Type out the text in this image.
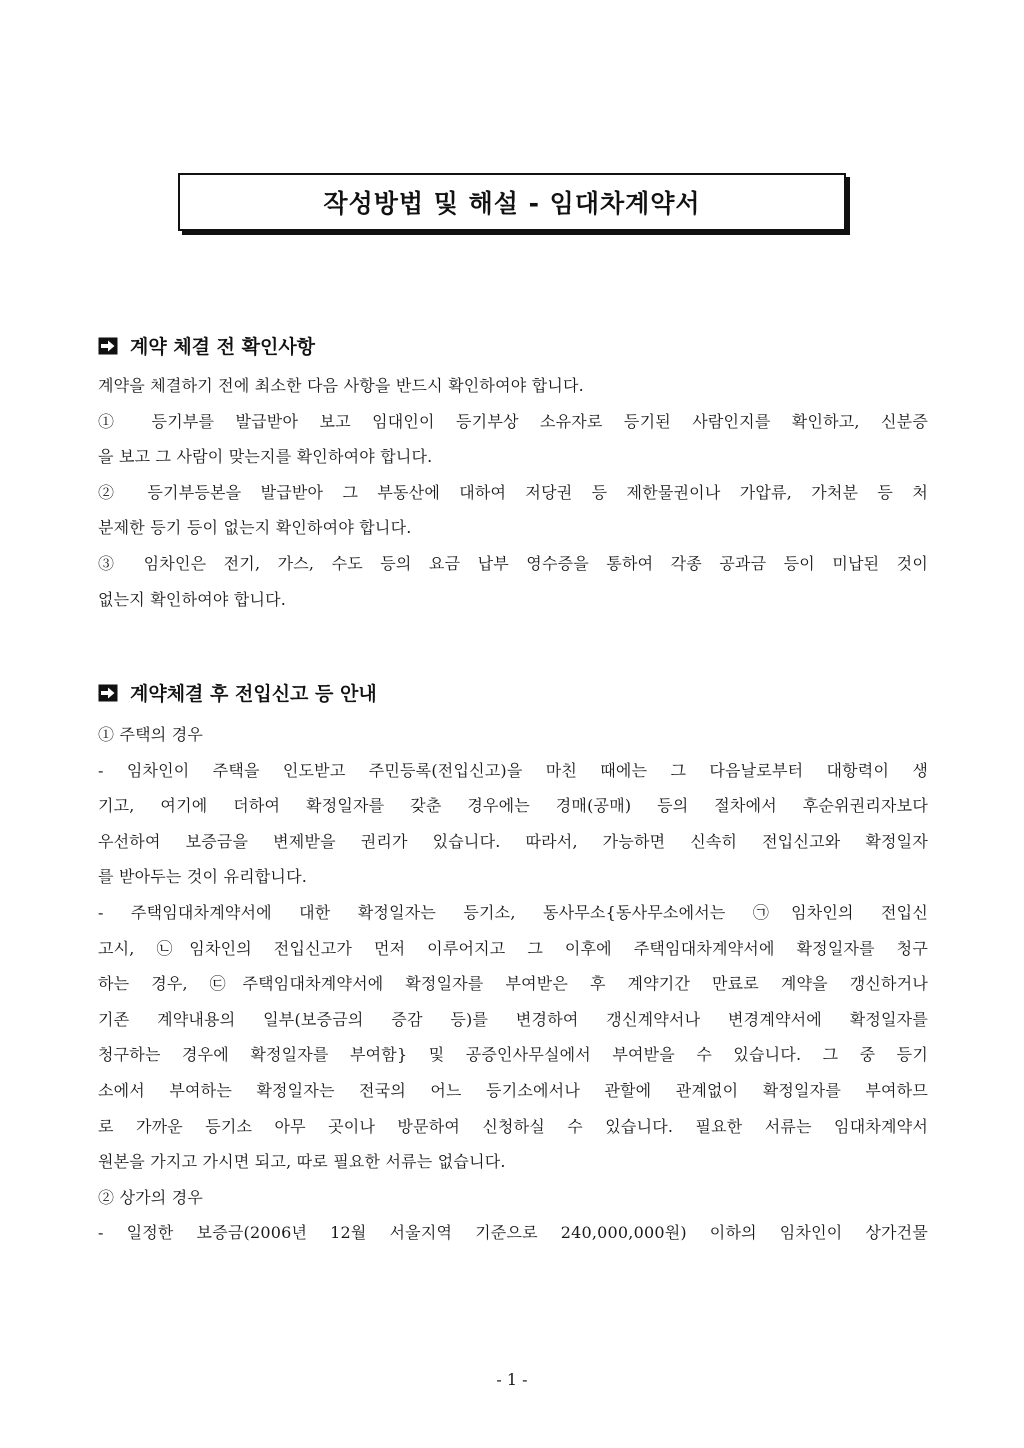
작성방법 및 해설 - 임대차계약서
계약 체결 전 확인사항
계약을 체결하기 전에 최소한 다음 사항을 반드시 확인하여야 합니다.
① 등기부를 발급받아 보고 임대인이 등기부상 소유자로 등기된 사람인지를 확인하고, 신분증
을 보고 그 사람이 맞는지를 확인하여야 합니다.
② 등기부등본을 발급받아 그 부동산에 대하여 저당권 등 제한물권이나 가압류, 가처분 등 처
분제한 등기 등이 없는지 확인하여야 합니다.
③ 임차인은 전기, 가스, 수도 등의 요금 납부 영수증을 통하여 각종 공과금 등이 미납된 것이
없는지 확인하여야 합니다.
계약체결 후 전입신고 등 안내
① 주택의 경우
- 임차인이 주택을 인도받고 주민등록(전입신고)을 마친 때에는 그 다음날로부터 대항력이 생
기고, 여기에 더하여 확정일자를 갖춘 경우에는 경매(공매) 등의 절차에서 후순위권리자보다
우선하여 보증금을 변제받을 권리가 있습니다. 따라서, 가능하면 신속히 전입신고와 확정일자
를 받아두는 것이 유리합니다.
- 주택임대차계약서에 대한 확정일자는 등기소, 동사무소{동사무소에서는 ㉠임차인의 전입신
고시, ㉡임차인의 전입신고가 먼저 이루어지고 그 이후에 주택임대차계약서에 확정일자를 청구
하는 경우, ㉢주택임대차계약서에 확정일자를 부여받은 후 계약기간 만료로 계약을 갱신하거나
기존 계약내용의 일부(보증금의 증감 등)를 변경하여 갱신계약서나 변경계약서에 확정일자를
청구하는 경우에 확정일자를 부여함} 및 공증인사무실에서 부여받을 수 있습니다. 그 중 등기
소에서 부여하는 확정일자는 전국의 어느 등기소에서나 관할에 관계없이 확정일자를 부여하므
로 가까운 등기소 아무 곳이나 방문하여 신청하실 수 있습니다. 필요한 서류는 임대차계약서
원본을 가지고 가시면 되고, 따로 필요한 서류는 없습니다.
② 상가의 경우
- 일정한 보증금(2006년 12월 서울지역 기준으로 240,000,000원) 이하의 임차인이 상가건물
- 1 -
